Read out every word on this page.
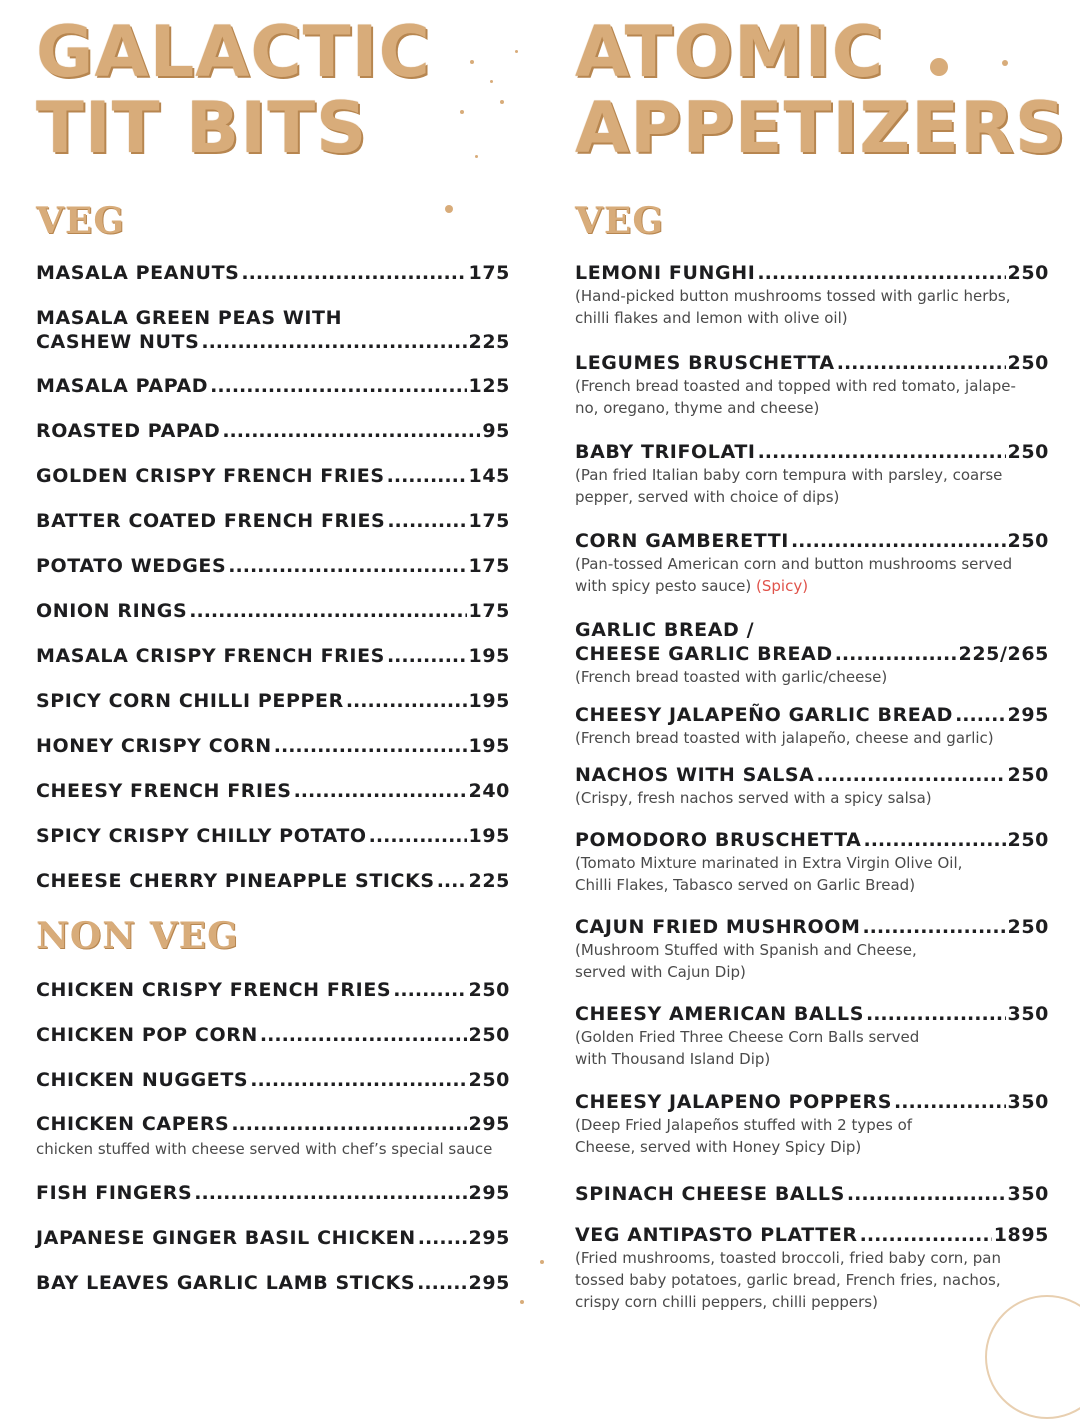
GALACTIC
TIT BITS
VEG
MASALA PEANUTS .....	175
MASALA GREEN PEAS WITH
CASHEW NUTS .....	225
MASALA PAPAD .....	125
ROASTED PAPAD .....	95
GOLDEN CRISPY FRENCH FRIES .....	145
BATTER COATED FRENCH FRIES .....	175
POTATO WEDGES .....	175
ONION RINGS .....	175
MASALA CRISPY FRENCH FRIES .....	195
SPICY CORN CHILLI PEPPER .....	195
HONEY CRISPY CORN .....	195
CHEESY FRENCH FRIES .....	240
SPICY CRISPY CHILLY POTATO .....	195
CHEESE CHERRY PINEAPPLE STICKS ..... 225
NON VEG
CHICKEN CRISPY FRENCH FRIES .....	250
CHICKEN POP CORN .....	250
CHICKEN NUGGETS .....	250
CHICKEN CAPERS .....	295
chicken stuffed with cheese served with chef’s special sauce
FISH FINGERS .....	295
JAPANESE GINGER BASIL CHICKEN .....	295
BAY LEAVES GARLIC LAMB STICKS .....	295
ATOMIC
APPETIZERS
VEG
LEMONI FUNGHI .....	250
(Hand-picked button mushrooms tossed with garlic herbs,
chilli flakes and lemon with olive oil)
LEGUMES BRUSCHETTA .....	250
(French bread toasted and topped with red tomato, jalape-
no, oregano, thyme and cheese)
BABY TRIFOLATI .....	250
(Pan fried Italian baby corn tempura with parsley, coarse
pepper, served with choice of dips)
CORN GAMBERETTI .....	250
(Pan-tossed American corn and button mushrooms served
with spicy pesto sauce) (Spicy)
GARLIC BREAD /
CHEESE GARLIC BREAD .....	225/265
(French bread toasted with garlic/cheese)
CHEESY JALAPEÑO GARLIC BREAD .....	295
(French bread toasted with jalapeño, cheese and garlic)
NACHOS WITH SALSA .....	250
(Crispy, fresh nachos served with a spicy salsa)
POMODORO BRUSCHETTA .....	250
(Tomato Mixture marinated in Extra Virgin Olive Oil,
Chilli Flakes, Tabasco served on Garlic Bread)
CAJUN FRIED MUSHROOM .....	250
(Mushroom Stuffed with Spanish and Cheese,
served with Cajun Dip)
CHEESY AMERICAN BALLS .....	350
(Golden Fried Three Cheese Corn Balls served
with Thousand Island Dip)
CHEESY JALAPENO POPPERS .....	350
(Deep Fried Jalapeños stuffed with 2 types of
Cheese, served with Honey Spicy Dip)
SPINACH CHEESE BALLS .....	350
VEG ANTIPASTO PLATTER .....	1895
(Fried mushrooms, toasted broccoli, fried baby corn, pan
tossed baby potatoes, garlic bread, French fries, nachos,
crispy corn chilli peppers, chilli peppers)
